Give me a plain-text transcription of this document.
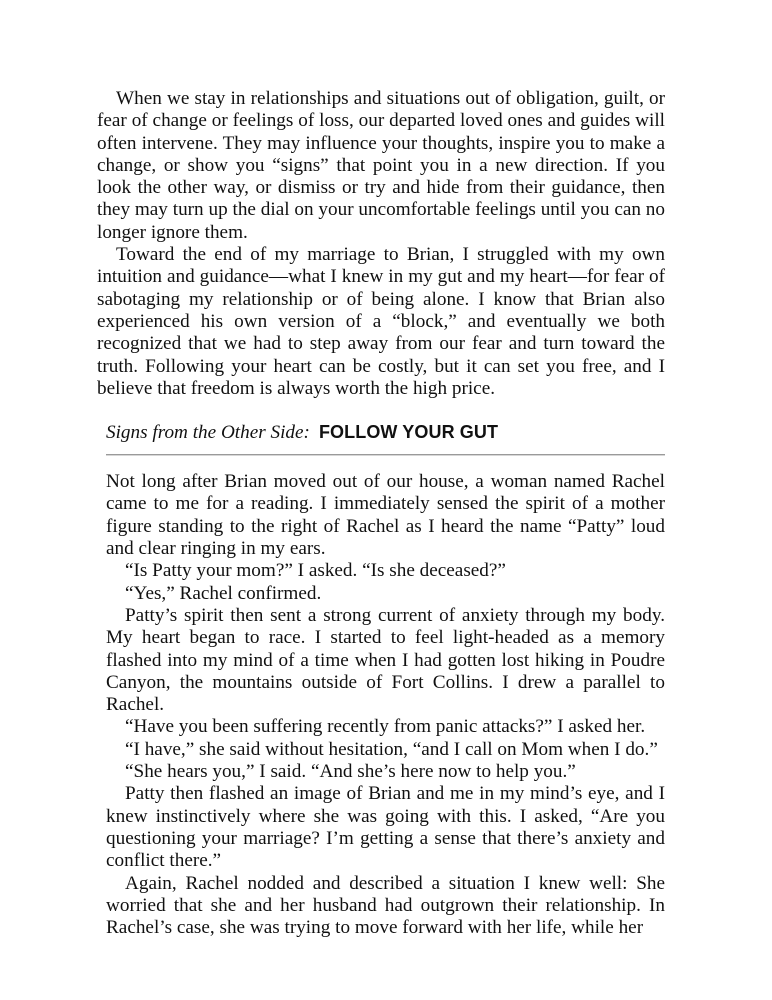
When we stay in relationships and situations out of obligation, guilt, or fear of change or feelings of loss, our departed loved ones and guides will often intervene. They may influence your thoughts, inspire you to make a change, or show you “signs” that point you in a new direction. If you look the other way, or dismiss or try and hide from their guidance, then they may turn up the dial on your uncomfortable feelings until you can no longer ignore them.

Toward the end of my marriage to Brian, I struggled with my own intuition and guidance—what I knew in my gut and my heart—for fear of sabotaging my relationship or of being alone. I know that Brian also experienced his own version of a “block,” and eventually we both recognized that we had to step away from our fear and turn toward the truth. Following your heart can be costly, but it can set you free, and I believe that freedom is always worth the high price.

Signs from the Other Side: FOLLOW YOUR GUT

Not long after Brian moved out of our house, a woman named Rachel came to me for a reading. I immediately sensed the spirit of a mother figure standing to the right of Rachel as I heard the name “Patty” loud and clear ringing in my ears.

“Is Patty your mom?” I asked. “Is she deceased?”

“Yes,” Rachel confirmed.

Patty’s spirit then sent a strong current of anxiety through my body. My heart began to race. I started to feel light-headed as a memory flashed into my mind of a time when I had gotten lost hiking in Poudre Canyon, the mountains outside of Fort Collins. I drew a parallel to Rachel.

“Have you been suffering recently from panic attacks?” I asked her.

“I have,” she said without hesitation, “and I call on Mom when I do.”

“She hears you,” I said. “And she’s here now to help you.”

Patty then flashed an image of Brian and me in my mind’s eye, and I knew instinctively where she was going with this. I asked, “Are you questioning your marriage? I’m getting a sense that there’s anxiety and conflict there.”

Again, Rachel nodded and described a situation I knew well: She worried that she and her husband had outgrown their relationship. In Rachel’s case, she was trying to move forward with her life, while her
